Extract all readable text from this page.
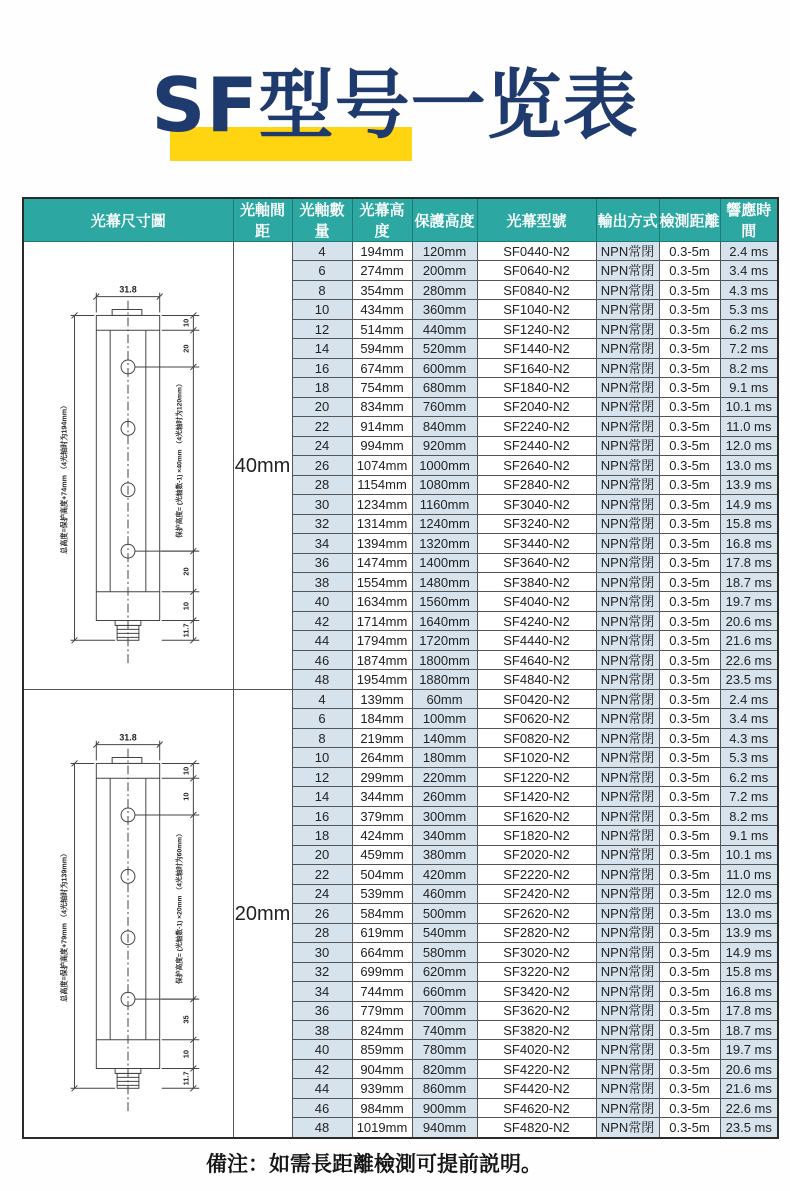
SF型号一览表
光幕尺寸圖	光軸間距	光軸數量	光幕高度	保護高度	光幕型號	輸出方式	檢測距離	響應時間

31.8
10
20
20
10
11.7
总高度=保护高度+74mm （4光轴时为194mm）	保护高度= (光轴数-1) ×40mm （4光轴时为120mm）	40mm	4	194mm	120mm	SF0440-N2	NPN常閉	0.3-5m	2.4 ms
		6	274mm	200mm	SF0640-N2	NPN常閉	0.3-5m	3.4 ms
		8	354mm	280mm	SF0840-N2	NPN常閉	0.3-5m	4.3 ms
		10	434mm	360mm	SF1040-N2	NPN常閉	0.3-5m	5.3 ms
		12	514mm	440mm	SF1240-N2	NPN常閉	0.3-5m	6.2 ms
		14	594mm	520mm	SF1440-N2	NPN常閉	0.3-5m	7.2 ms
		16	674mm	600mm	SF1640-N2	NPN常閉	0.3-5m	8.2 ms
		18	754mm	680mm	SF1840-N2	NPN常閉	0.3-5m	9.1 ms
		20	834mm	760mm	SF2040-N2	NPN常閉	0.3-5m	10.1 ms
		22	914mm	840mm	SF2240-N2	NPN常閉	0.3-5m	11.0 ms
		24	994mm	920mm	SF2440-N2	NPN常閉	0.3-5m	12.0 ms
		26	1074mm	1000mm	SF2640-N2	NPN常閉	0.3-5m	13.0 ms
		28	1154mm	1080mm	SF2840-N2	NPN常閉	0.3-5m	13.9 ms
		30	1234mm	1160mm	SF3040-N2	NPN常閉	0.3-5m	14.9 ms
		32	1314mm	1240mm	SF3240-N2	NPN常閉	0.3-5m	15.8 ms
		34	1394mm	1320mm	SF3440-N2	NPN常閉	0.3-5m	16.8 ms
		36	1474mm	1400mm	SF3640-N2	NPN常閉	0.3-5m	17.8 ms
		38	1554mm	1480mm	SF3840-N2	NPN常閉	0.3-5m	18.7 ms
		40	1634mm	1560mm	SF4040-N2	NPN常閉	0.3-5m	19.7 ms
		42	1714mm	1640mm	SF4240-N2	NPN常閉	0.3-5m	20.6 ms
		44	1794mm	1720mm	SF4440-N2	NPN常閉	0.3-5m	21.6 ms
		46	1874mm	1800mm	SF4640-N2	NPN常閉	0.3-5m	22.6 ms
		48	1954mm	1880mm	SF4840-N2	NPN常閉	0.3-5m	23.5 ms

31.8
10
10
35
10
11.7
总高度=保护高度+79mm （4光轴时为139mm）	保护高度= (光轴数-1) ×20mm （4光轴时为60mm）	20mm	4	139mm	60mm	SF0420-N2	NPN常閉	0.3-5m	2.4 ms
		6	184mm	100mm	SF0620-N2	NPN常閉	0.3-5m	3.4 ms
		8	219mm	140mm	SF0820-N2	NPN常閉	0.3-5m	4.3 ms
		10	264mm	180mm	SF1020-N2	NPN常閉	0.3-5m	5.3 ms
		12	299mm	220mm	SF1220-N2	NPN常閉	0.3-5m	6.2 ms
		14	344mm	260mm	SF1420-N2	NPN常閉	0.3-5m	7.2 ms
		16	379mm	300mm	SF1620-N2	NPN常閉	0.3-5m	8.2 ms
		18	424mm	340mm	SF1820-N2	NPN常閉	0.3-5m	9.1 ms
		20	459mm	380mm	SF2020-N2	NPN常閉	0.3-5m	10.1 ms
		22	504mm	420mm	SF2220-N2	NPN常閉	0.3-5m	11.0 ms
		24	539mm	460mm	SF2420-N2	NPN常閉	0.3-5m	12.0 ms
		26	584mm	500mm	SF2620-N2	NPN常閉	0.3-5m	13.0 ms
		28	619mm	540mm	SF2820-N2	NPN常閉	0.3-5m	13.9 ms
		30	664mm	580mm	SF3020-N2	NPN常閉	0.3-5m	14.9 ms
		32	699mm	620mm	SF3220-N2	NPN常閉	0.3-5m	15.8 ms
		34	744mm	660mm	SF3420-N2	NPN常閉	0.3-5m	16.8 ms
		36	779mm	700mm	SF3620-N2	NPN常閉	0.3-5m	17.8 ms
		38	824mm	740mm	SF3820-N2	NPN常閉	0.3-5m	18.7 ms
		40	859mm	780mm	SF4020-N2	NPN常閉	0.3-5m	19.7 ms
		42	904mm	820mm	SF4220-N2	NPN常閉	0.3-5m	20.6 ms
		44	939mm	860mm	SF4420-N2	NPN常閉	0.3-5m	21.6 ms
		46	984mm	900mm	SF4620-N2	NPN常閉	0.3-5m	22.6 ms
		48	1019mm	940mm	SF4820-N2	NPN常閉	0.3-5m	23.5 ms
備注：如需長距離檢測可提前説明。
